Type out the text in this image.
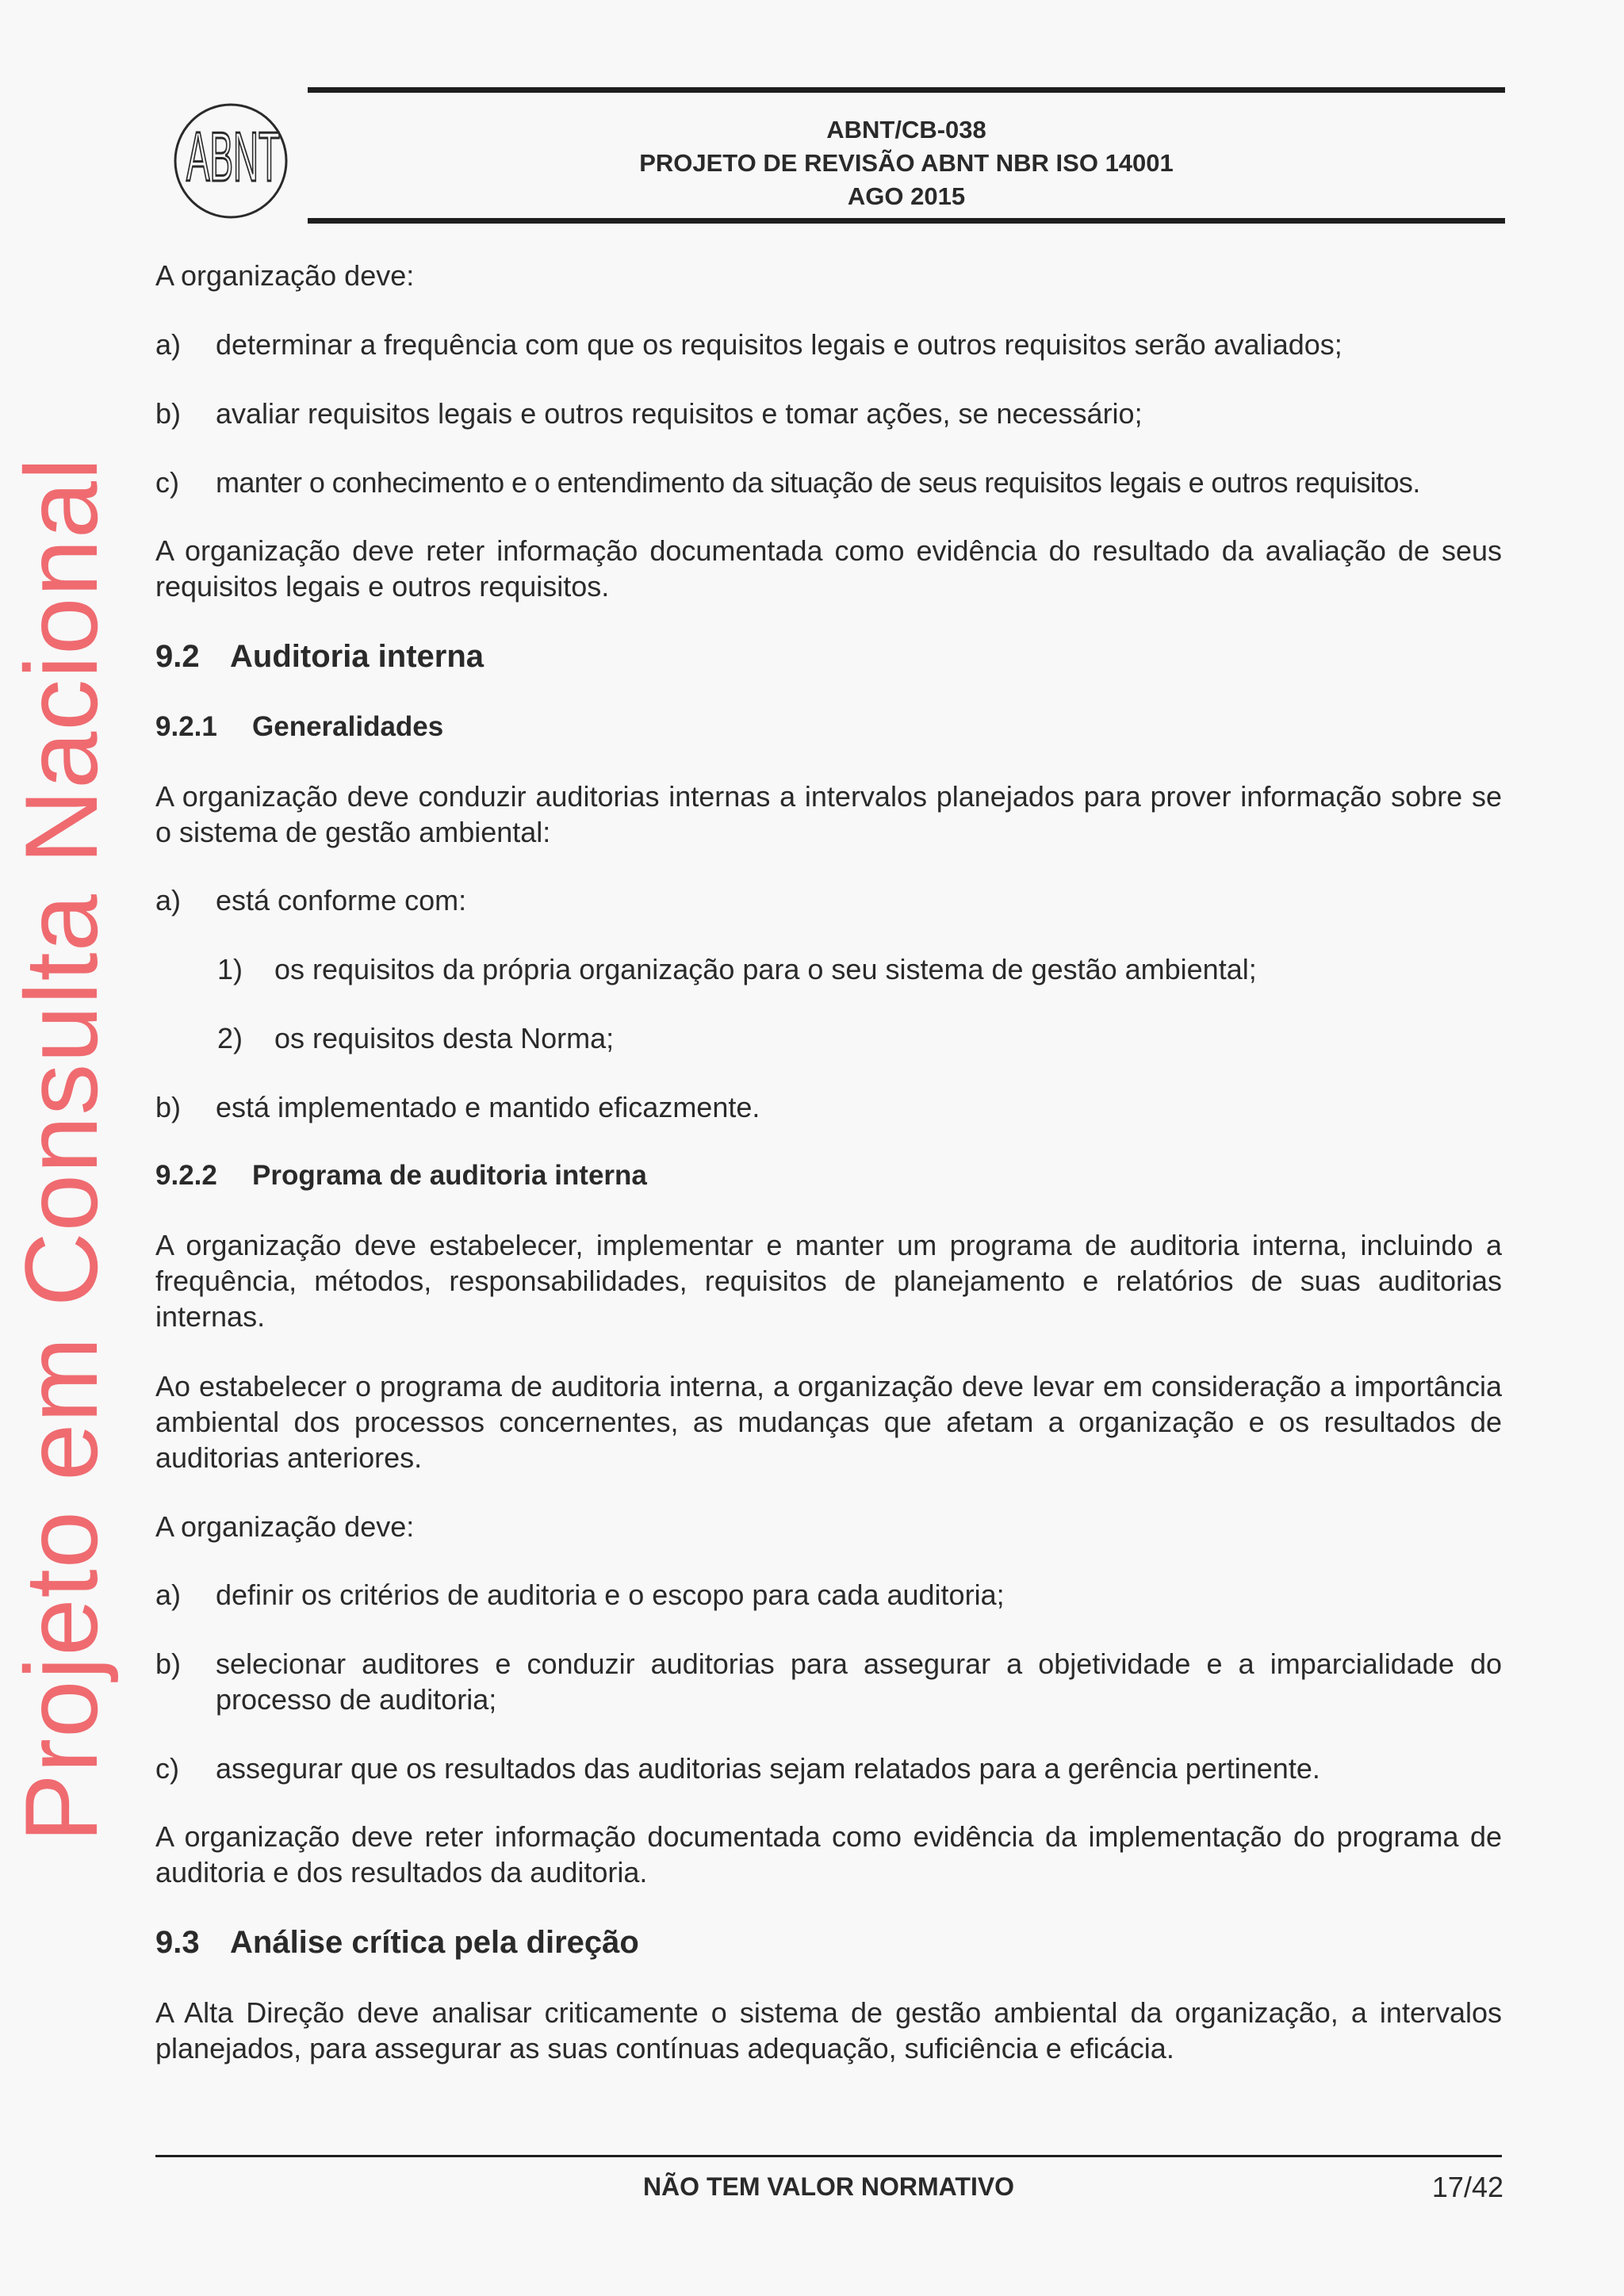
ABNT	ABNT/CB-038
PROJETO DE REVISÃO ABNT NBR ISO 14001
AGO 2015
Projeto em Consulta Nacional
A organização deve:
a) determinar a frequência com que os requisitos legais e outros requisitos serão avaliados;
b) avaliar requisitos legais e outros requisitos e tomar ações, se necessário;
c) manter o conhecimento e o entendimento da situação de seus requisitos legais e outros requisitos.
A organização deve reter informação documentada como evidência do resultado da avaliação de seus requisitos legais e outros requisitos.
9.2 Auditoria interna
9.2.1 Generalidades
A organização deve conduzir auditorias internas a intervalos planejados para prover informação sobre se o sistema de gestão ambiental:
a) está conforme com:
1) os requisitos da própria organização para o seu sistema de gestão ambiental;
2) os requisitos desta Norma;
b) está implementado e mantido eficazmente.
9.2.2 Programa de auditoria interna
A organização deve estabelecer, implementar e manter um programa de auditoria interna, incluindo a frequência, métodos, responsabilidades, requisitos de planejamento e relatórios de suas auditorias internas.
Ao estabelecer o programa de auditoria interna, a organização deve levar em consideração a importância ambiental dos processos concernentes, as mudanças que afetam a organização e os resultados de auditorias anteriores.
A organização deve:
a) definir os critérios de auditoria e o escopo para cada auditoria;
b) selecionar auditores e conduzir auditorias para assegurar a objetividade e a imparcialidade do processo de auditoria;
c) assegurar que os resultados das auditorias sejam relatados para a gerência pertinente.
A organização deve reter informação documentada como evidência da implementação do programa de auditoria e dos resultados da auditoria.
9.3 Análise crítica pela direção
A Alta Direção deve analisar criticamente o sistema de gestão ambiental da organização, a intervalos planejados, para assegurar as suas contínuas adequação, suficiência e eficácia.
NÃO TEM VALOR NORMATIVO	17/42
